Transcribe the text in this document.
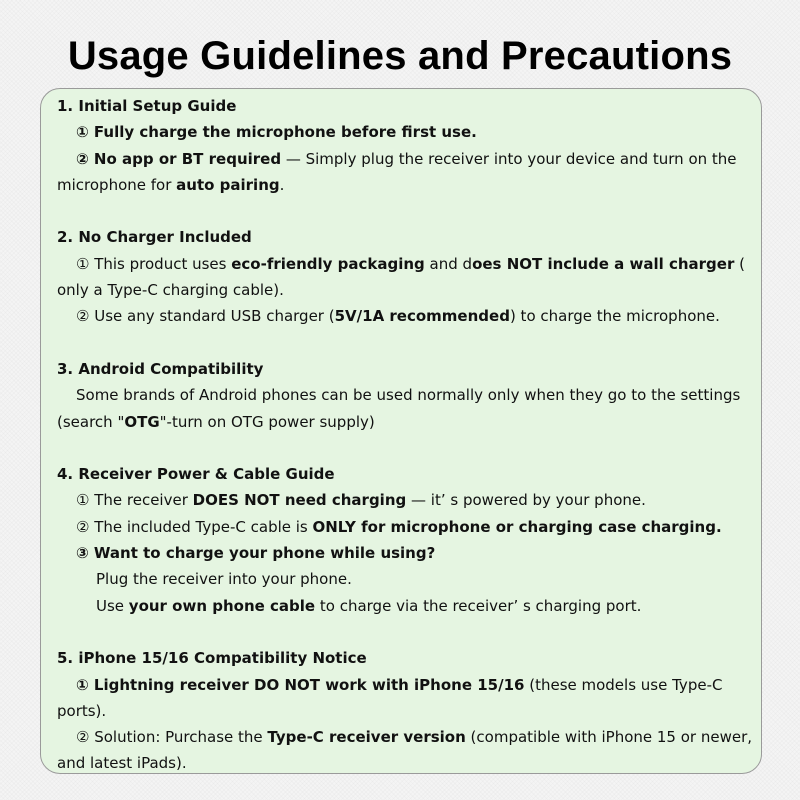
Usage Guidelines and Precautions
1. Initial Setup Guide
① Fully charge the microphone before first use.
② No app or BT required — Simply plug the receiver into your device and turn on the
microphone for auto pairing.
2. No Charger Included
① This product uses eco-friendly packaging and does NOT include a wall charger (
only a Type-C charging cable).
② Use any standard USB charger (5V/1A recommended) to charge the microphone.
3. Android Compatibility
Some brands of Android phones can be used normally only when they go to the settings
(search "OTG"-turn on OTG power supply)
4. Receiver Power & Cable Guide
① The receiver DOES NOT need charging — it’ s powered by your phone.
② The included Type-C cable is ONLY for microphone or charging case charging.
③ Want to charge your phone while using?
Plug the receiver into your phone.
Use your own phone cable to charge via the receiver’ s charging port.
5. iPhone 15/16 Compatibility Notice
① Lightning receiver DO NOT work with iPhone 15/16 (these models use Type-C
ports).
② Solution: Purchase the Type-C receiver version (compatible with iPhone 15 or newer,
and latest iPads).
